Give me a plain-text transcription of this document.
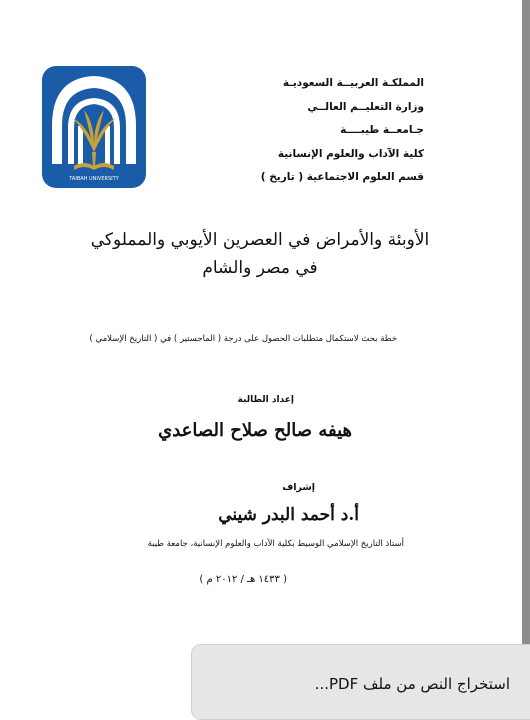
TAIBAH UNIVERSITY
المملكـة العربيــة السعوديـة
وزارة التعليــم العالــي
جـامعــة طيبــــة
كلية الآداب والعلوم الإنسانية
قسم العلوم الاجتماعية ( تاريخ )
الأوبئة والأمراض في العصرين الأيوبي والمملوكي
في مصر والشام
خطة بحث لاستكمال متطلبات الحصول على درجة ( الماجستير ) في ( التاريخ الإسلامي )
إعداد الطالبة
هيفه صالح صلاح الصاعدي
إشراف
أ.د أحمد البدر شيني
أستاذ التاريخ الإسلامي الوسيط بكلية الآداب والعلوم الإنسانية، جامعة طيبة
( ١٤٣٣ هـ / ٢٠١٢ م )
استخراج النص من ملف PDF...
